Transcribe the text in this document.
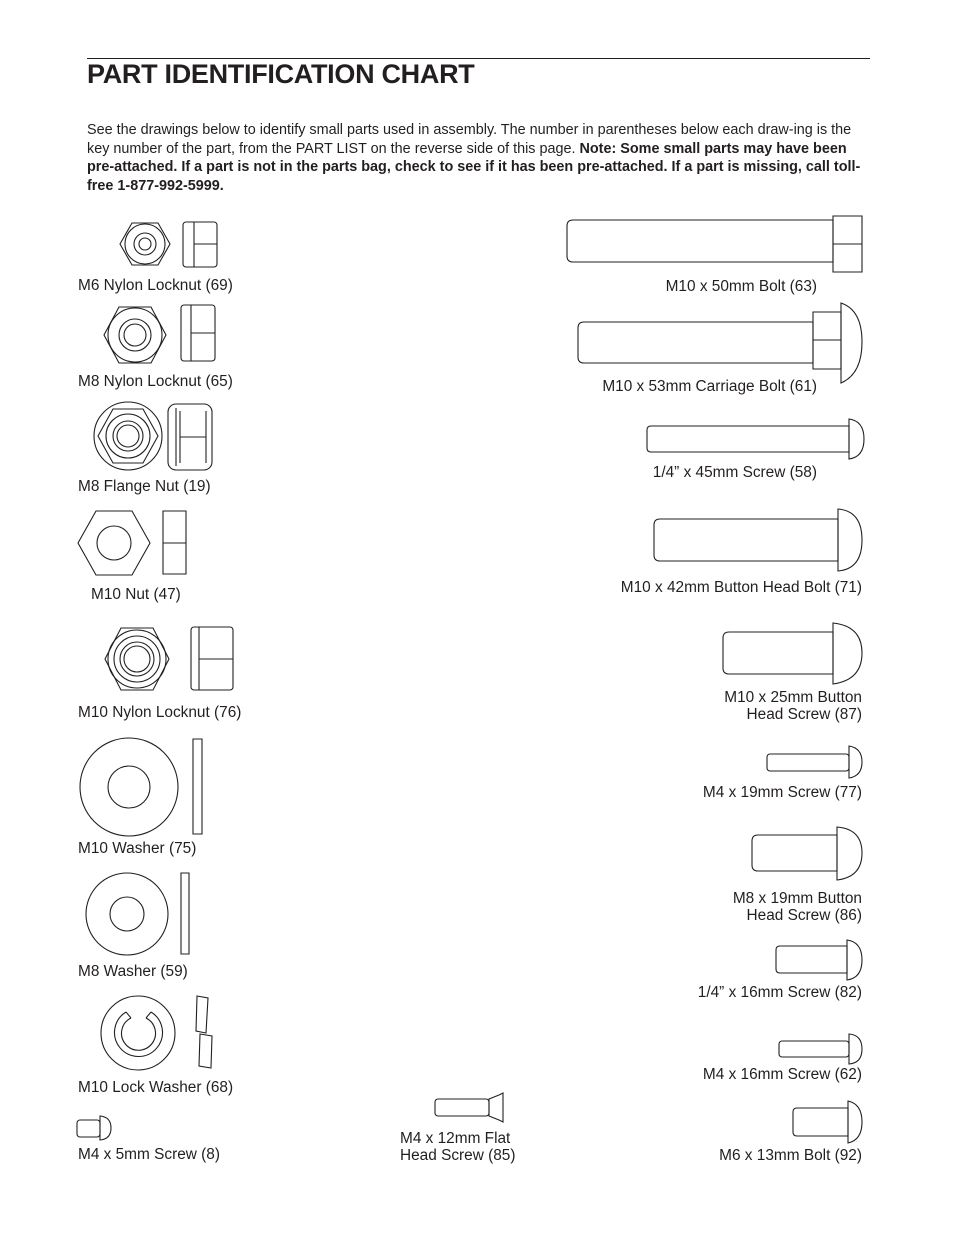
PART IDENTIFICATION CHART
See the drawings below to identify small parts used in assembly. The number in parentheses below each draw-ing is the key number of the part, from the PART LIST on the reverse side of this page. Note: Some small parts may have been pre-attached. If a part is not in the parts bag, check to see if it has been pre-attached. If a part is missing, call toll-free 1-877-992-5999.
M6 Nylon Locknut (69)
M8 Nylon Locknut (65)
M8 Flange Nut (19)
M10 Nut (47)
M10 Nylon Locknut (76)
M10 Washer (75)
M8 Washer (59)
M10 Lock Washer (68)
M4 x 5mm Screw (8)
M4 x 12mm Flat
Head Screw (85)
M10 x 50mm Bolt (63)
M10 x 53mm Carriage Bolt (61)
1/4” x 45mm Screw (58)
M10 x 42mm Button Head Bolt (71)
M10 x 25mm Button
Head Screw (87)
M4 x 19mm Screw (77)
M8 x 19mm Button
Head Screw (86)
1/4” x 16mm Screw (82)
M4 x 16mm Screw (62)
M6 x 13mm Bolt (92)
